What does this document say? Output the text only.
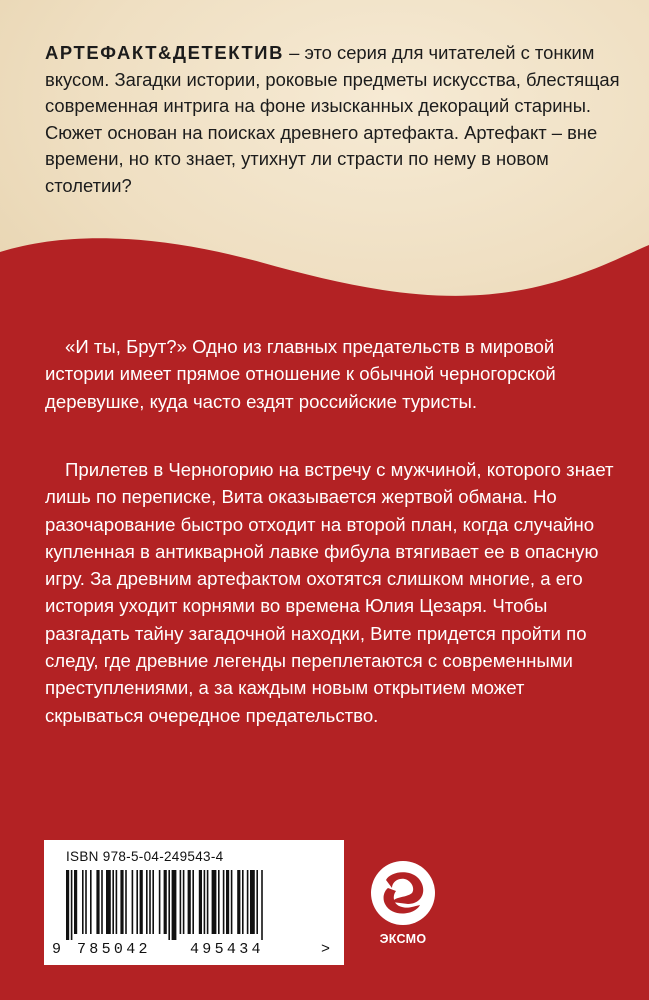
АРТЕФАКТ&ДЕТЕКТИВ – это серия для читателей с тонким вкусом. Загадки истории, роковые предметы искусства, блестящая современная интрига на фоне изысканных декораций старины. Сюжет основан на поисках древнего артефакта. Артефакт – вне времени, но кто знает, утихнут ли страсти по нему в новом столетии?

«И ты, Брут?» Одно из главных предательств в мировой истории имеет прямое отношение к обычной черногорской деревушке, куда часто ездят российские туристы.

Прилетев в Черногорию на встречу с мужчиной, которого знает лишь по переписке, Вита оказывается жертвой обмана. Но разочарование быстро отходит на второй план, когда случайно купленная в антикварной лавке фибула втягивает ее в опасную игру. За древним артефактом охотятся слишком многие, а его история уходит корнями во времена Юлия Цезаря. Чтобы разгадать тайну загадочной находки, Вите придется пройти по следу, где древние легенды переплетаются с современными преступлениями, а за каждым новым открытием может скрываться очередное предательство.

ISBN 978-5-04-249543-4
9 785042	495434	>
ЭКСМО
